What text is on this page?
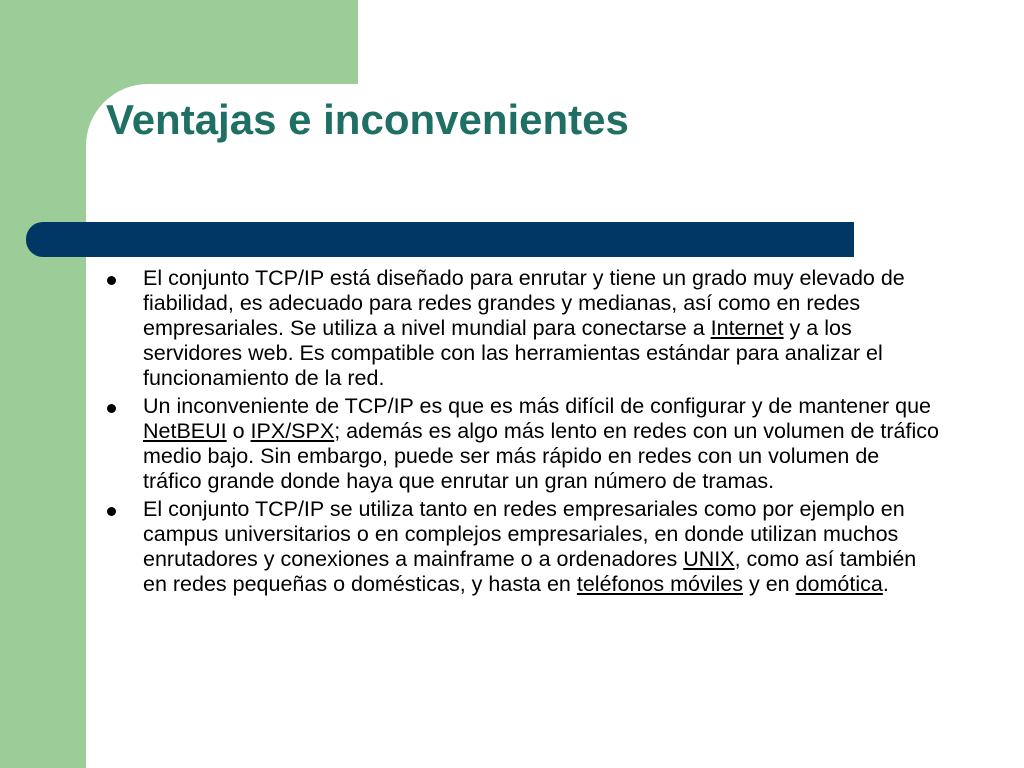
Ventajas e inconvenientes
El conjunto TCP/IP está diseñado para enrutar y tiene un grado muy elevado de fiabilidad, es adecuado para redes grandes y medianas, así como en redes empresariales. Se utiliza a nivel mundial para conectarse a Internet y a los servidores web. Es compatible con las herramientas estándar para analizar el funcionamiento de la red.
Un inconveniente de TCP/IP es que es más difícil de configurar y de mantener que NetBEUI o IPX/SPX; además es algo más lento en redes con un volumen de tráfico medio bajo. Sin embargo, puede ser más rápido en redes con un volumen de tráfico grande donde haya que enrutar un gran número de tramas.
El conjunto TCP/IP se utiliza tanto en redes empresariales como por ejemplo en campus universitarios o en complejos empresariales, en donde utilizan muchos enrutadores y conexiones a mainframe o a ordenadores UNIX, como así también en redes pequeñas o domésticas, y hasta en teléfonos móviles y en domótica.
